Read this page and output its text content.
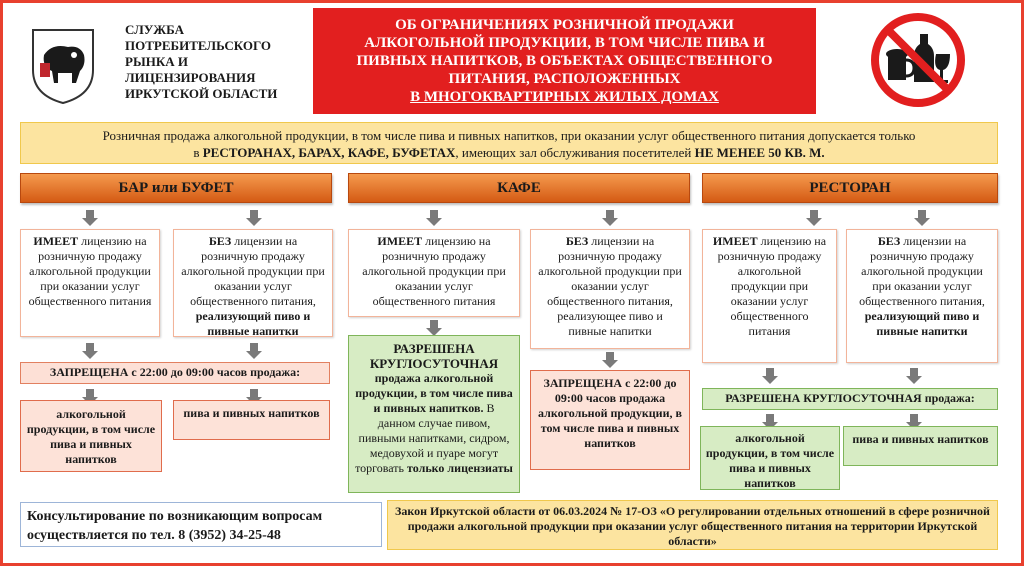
СЛУЖБА
ПОТРЕБИТЕЛЬСКОГО
РЫНКА И
ЛИЦЕНЗИРОВАНИЯ
ИРКУТСКОЙ ОБЛАСТИ
ОБ ОГРАНИЧЕНИЯХ РОЗНИЧНОЙ ПРОДАЖИ
АЛКОГОЛЬНОЙ ПРОДУКЦИИ, В ТОМ ЧИСЛЕ ПИВА И
ПИВНЫХ НАПИТКОВ, В ОБЪЕКТАХ ОБЩЕСТВЕННОГО
ПИТАНИЯ, РАСПОЛОЖЕННЫХ
В МНОГОКВАРТИРНЫХ ЖИЛЫХ ДОМАХ
Розничная продажа алкогольной продукции, в том числе пива и пивных напитков, при оказании услуг общественного питания допускается только
в РЕСТОРАНАХ, БАРАХ, КАФЕ, БУФЕТАХ, имеющих зал обслуживания посетителей НЕ МЕНЕЕ 50 КВ. М.
БАР или БУФЕТ
ИМЕЕТ лицензию на розничную продажу алкогольной продукции при оказании услуг общественного питания
БЕЗ лицензии на розничную продажу алкогольной продукции при оказании услуг общественного питания, реализующий пиво и пивные напитки
ЗАПРЕЩЕНА с 22:00 до 09:00 часов продажа:
алкогольной продукции, в том числе пива и пивных напитков
пива и пивных напитков
КАФЕ
ИМЕЕТ лицензию на розничную продажу алкогольной продукции при оказании услуг общественного питания
БЕЗ лицензии на розничную продажу алкогольной продукции при оказании услуг общественного питания, реализующее пиво и пивные напитки
РАЗРЕШЕНА КРУГЛОСУТОЧНАЯ
продажа алкогольной продукции, в том числе пива и пивных напитков. В данном случае пивом, пивными напитками, сидром, медовухой и пуаре могут торговать только лицензиаты
ЗАПРЕЩЕНА с 22:00 до 09:00 часов продажа алкогольной продукции, в том числе пива и пивных напитков
РЕСТОРАН
ИМЕЕТ лицензию на розничную продажу алкогольной продукции при оказании услуг общественного питания
БЕЗ лицензии на розничную продажу алкогольной продукции при оказании услуг общественного питания, реализующий пиво и пивные напитки
РАЗРЕШЕНА КРУГЛОСУТОЧНАЯ продажа:
алкогольной продукции, в том числе пива и пивных напитков
пива и пивных напитков
Консультирование по возникающим вопросам
осуществляется по тел. 8 (3952) 34-25-48
Закон Иркутской области от 06.03.2024 № 17-ОЗ «О регулировании отдельных отношений в сфере розничной продажи алкогольной продукции при оказании услуг общественного питания на территории Иркутской области»
